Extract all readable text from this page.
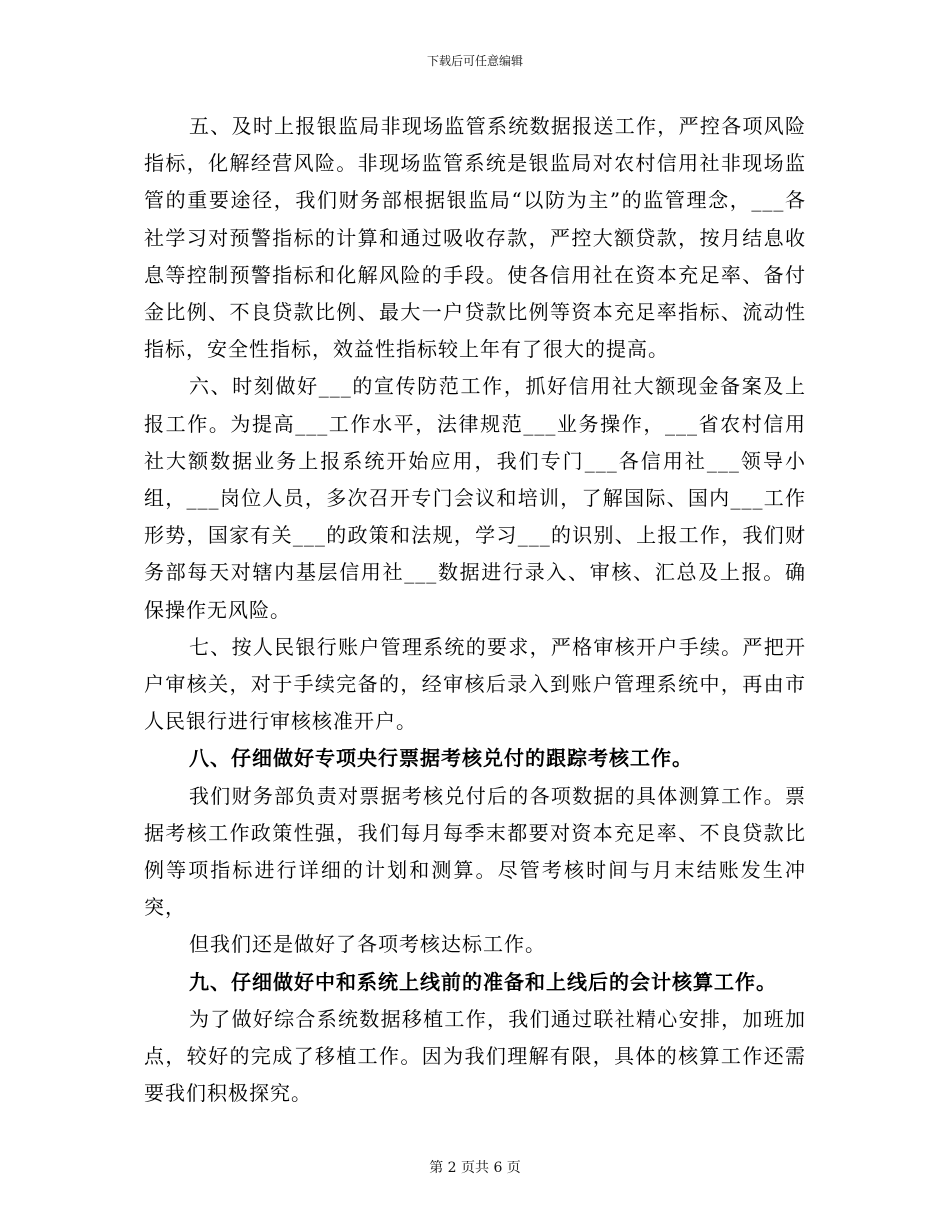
下载后可任意编辑

五、及时上报银监局非现场监管系统数据报送工作，严控各项风险指标，化解经营风险。非现场监管系统是银监局对农村信用社非现场监管的重要途径，我们财务部根据银监局“以防为主”的监管理念，___各社学习对预警指标的计算和通过吸收存款，严控大额贷款，按月结息收息等控制预警指标和化解风险的手段。使各信用社在资本充足率、备付金比例、不良贷款比例、最大一户贷款比例等资本充足率指标、流动性指标，安全性指标，效益性指标较上年有了很大的提高。

六、时刻做好___的宣传防范工作，抓好信用社大额现金备案及上报工作。为提高___工作水平，法律规范___业务操作，___省农村信用社大额数据业务上报系统开始应用，我们专门___各信用社___领导小组，___岗位人员，多次召开专门会议和培训，了解国际、国内___工作形势，国家有关___的政策和法规，学习___的识别、上报工作，我们财务部每天对辖内基层信用社___数据进行录入、审核、汇总及上报。确保操作无风险。

七、按人民银行账户管理系统的要求，严格审核开户手续。严把开户审核关，对于手续完备的，经审核后录入到账户管理系统中，再由市人民银行进行审核核准开户。

八、仔细做好专项央行票据考核兑付的跟踪考核工作。

我们财务部负责对票据考核兑付后的各项数据的具体测算工作。票据考核工作政策性强，我们每月每季末都要对资本充足率、不良贷款比例等项指标进行详细的计划和测算。尽管考核时间与月末结账发生冲突，

但我们还是做好了各项考核达标工作。

九、仔细做好中和系统上线前的准备和上线后的会计核算工作。

为了做好综合系统数据移植工作，我们通过联社精心安排，加班加点，较好的完成了移植工作。因为我们理解有限，具体的核算工作还需要我们积极探究。

第 2 页共 6 页
